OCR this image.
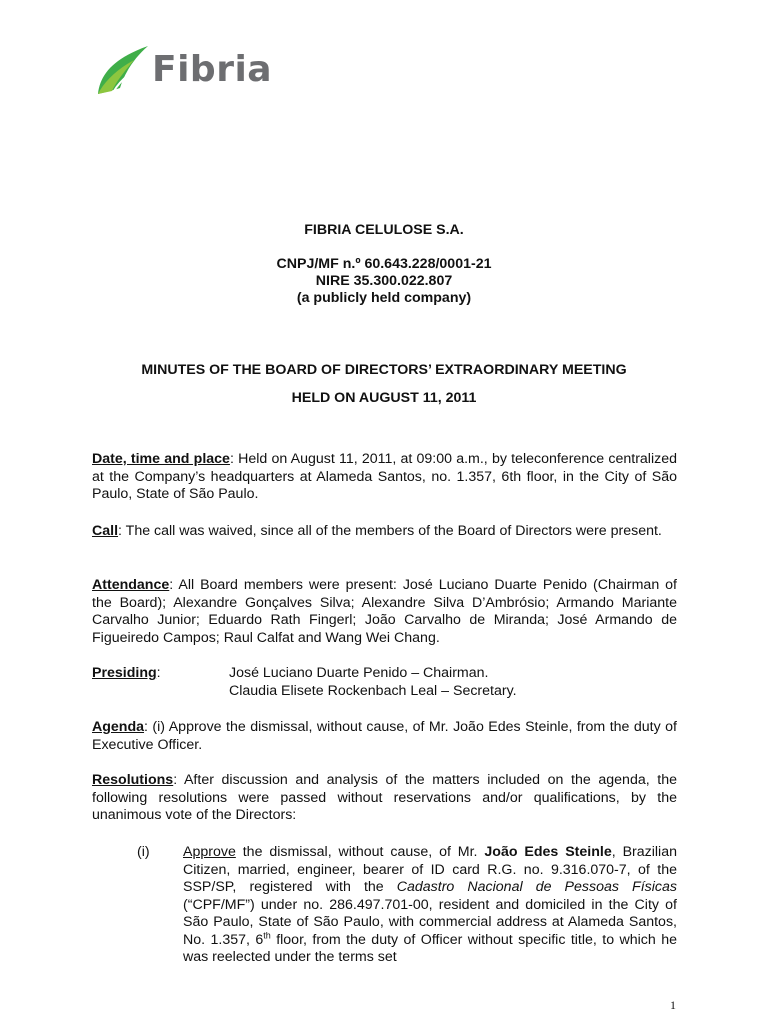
Fibria
FIBRIA CELULOSE S.A.
CNPJ/MF n.º 60.643.228/0001-21
NIRE 35.300.022.807
(a publicly held company)
MINUTES OF THE BOARD OF DIRECTORS’ EXTRAORDINARY MEETING
HELD ON AUGUST 11, 2011
Date, time and place: Held on August 11, 2011, at 09:00 a.m., by teleconference centralized at the Company’s headquarters at Alameda Santos, no. 1.357, 6th floor, in the City of São Paulo, State of São Paulo.
Call: The call was waived, since all of the members of the Board of Directors were present.
Attendance: All Board members were present: José Luciano Duarte Penido (Chairman of the Board); Alexandre Gonçalves Silva; Alexandre Silva D’Ambrósio; Armando Mariante Carvalho Junior; Eduardo Rath Fingerl; João Carvalho de Miranda; José Armando de Figueiredo Campos; Raul Calfat and Wang Wei Chang.
Presiding:	José Luciano Duarte Penido – Chairman.
Claudia Elisete Rockenbach Leal – Secretary.
Agenda: (i) Approve the dismissal, without cause, of Mr. João Edes Steinle, from the duty of Executive Officer.
Resolutions: After discussion and analysis of the matters included on the agenda, the following resolutions were passed without reservations and/or qualifications, by the unanimous vote of the Directors:
(i)	Approve the dismissal, without cause, of Mr. João Edes Steinle, Brazilian Citizen, married, engineer, bearer of ID card R.G. no. 9.316.070-7, of the SSP/SP, registered with the Cadastro Nacional de Pessoas Físicas (“CPF/MF”) under no. 286.497.701-00, resident and domiciled in the City of São Paulo, State of São Paulo, with commercial address at Alameda Santos, No. 1.357, 6th floor, from the duty of Officer without specific title, to which he was reelected under the terms set
1
